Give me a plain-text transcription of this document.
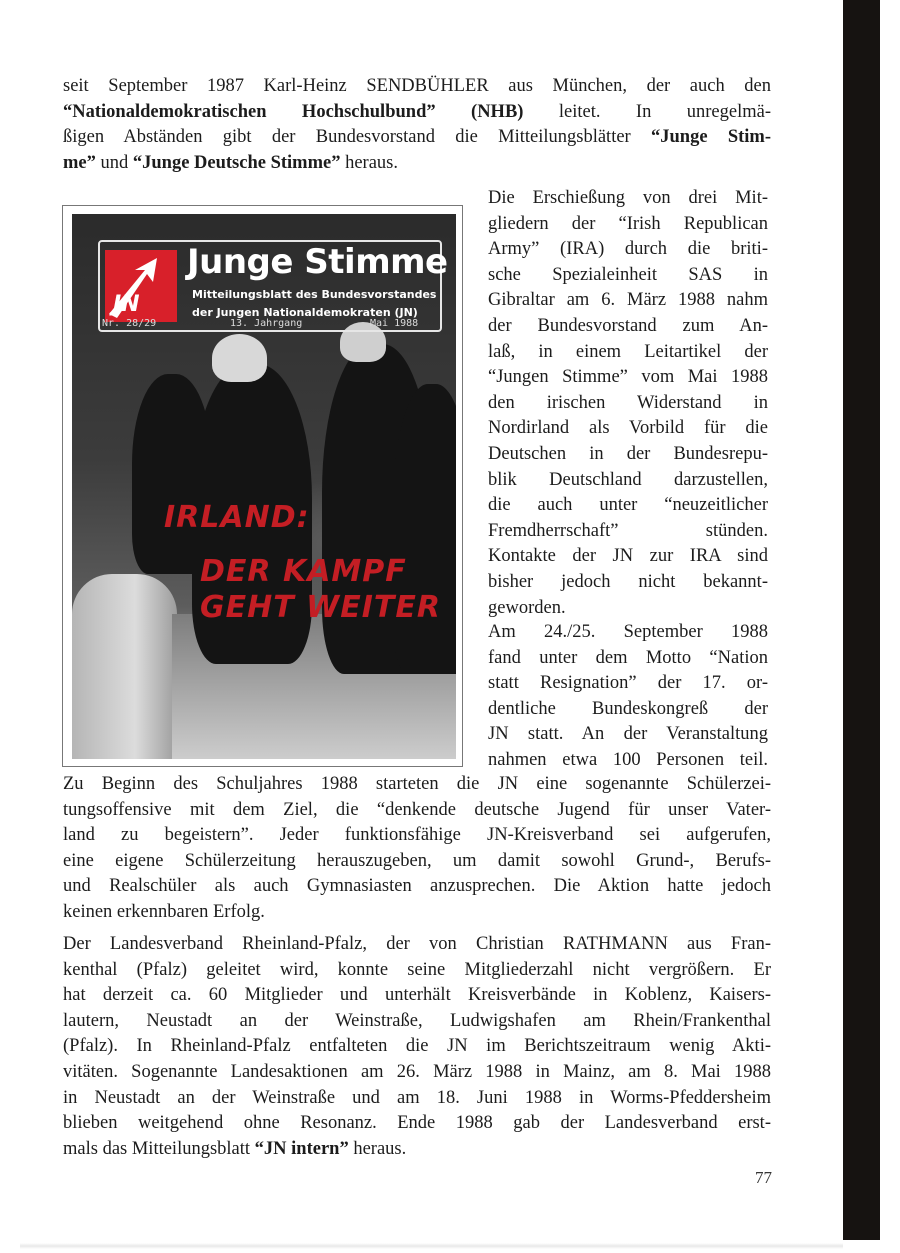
seit September 1987 Karl-Heinz SENDBÜHLER aus München, der auch den
“Nationaldemokratischen Hochschulbund” (NHB) leitet. In unregelmä-
ßigen Abständen gibt der Bundesvorstand die Mitteilungsblätter “Junge Stim-
me” und “Junge Deutsche Stimme” heraus.
JN
Junge Stimme
Mitteilungsblatt des Bundesvorstandes
der Jungen Nationaldemokraten (JN)
Nr. 28/29	13. Jahrgang	Mai 1988
IRLAND:
DER KAMPF
GEHT WEITER
Die Erschießung von drei Mit-
gliedern der “Irish Republican
Army” (IRA) durch die briti-
sche Spezialeinheit SAS in
Gibraltar am 6. März 1988 nahm
der Bundesvorstand zum An-
laß, in einem Leitartikel der
“Jungen Stimme” vom Mai 1988
den irischen Widerstand in
Nordirland als Vorbild für die
Deutschen in der Bundesrepu-
blik Deutschland darzustellen,
die auch unter “neuzeitlicher
Fremdherrschaft” stünden.
Kontakte der JN zur IRA sind
bisher jedoch nicht bekannt-
geworden.
Am 24./25. September 1988
fand unter dem Motto “Nation
statt Resignation” der 17. or-
dentliche Bundeskongreß der
JN statt. An der Veranstaltung
nahmen etwa 100 Personen teil.
Zu Beginn des Schuljahres 1988 starteten die JN eine sogenannte Schülerzei-
tungsoffensive mit dem Ziel, die “denkende deutsche Jugend für unser Vater-
land zu begeistern”. Jeder funktionsfähige JN-Kreisverband sei aufgerufen,
eine eigene Schülerzeitung herauszugeben, um damit sowohl Grund-, Berufs-
und Realschüler als auch Gymnasiasten anzusprechen. Die Aktion hatte jedoch
keinen erkennbaren Erfolg.
Der Landesverband Rheinland-Pfalz, der von Christian RATHMANN aus Fran-
kenthal (Pfalz) geleitet wird, konnte seine Mitgliederzahl nicht vergrößern. Er
hat derzeit ca. 60 Mitglieder und unterhält Kreisverbände in Koblenz, Kaisers-
lautern, Neustadt an der Weinstraße, Ludwigshafen am Rhein/Frankenthal
(Pfalz). In Rheinland-Pfalz entfalteten die JN im Berichtszeitraum wenig Akti-
vitäten. Sogenannte Landesaktionen am 26. März 1988 in Mainz, am 8. Mai 1988
in Neustadt an der Weinstraße und am 18. Juni 1988 in Worms-Pfeddersheim
blieben weitgehend ohne Resonanz. Ende 1988 gab der Landesverband erst-
mals das Mitteilungsblatt “JN intern” heraus.
77
